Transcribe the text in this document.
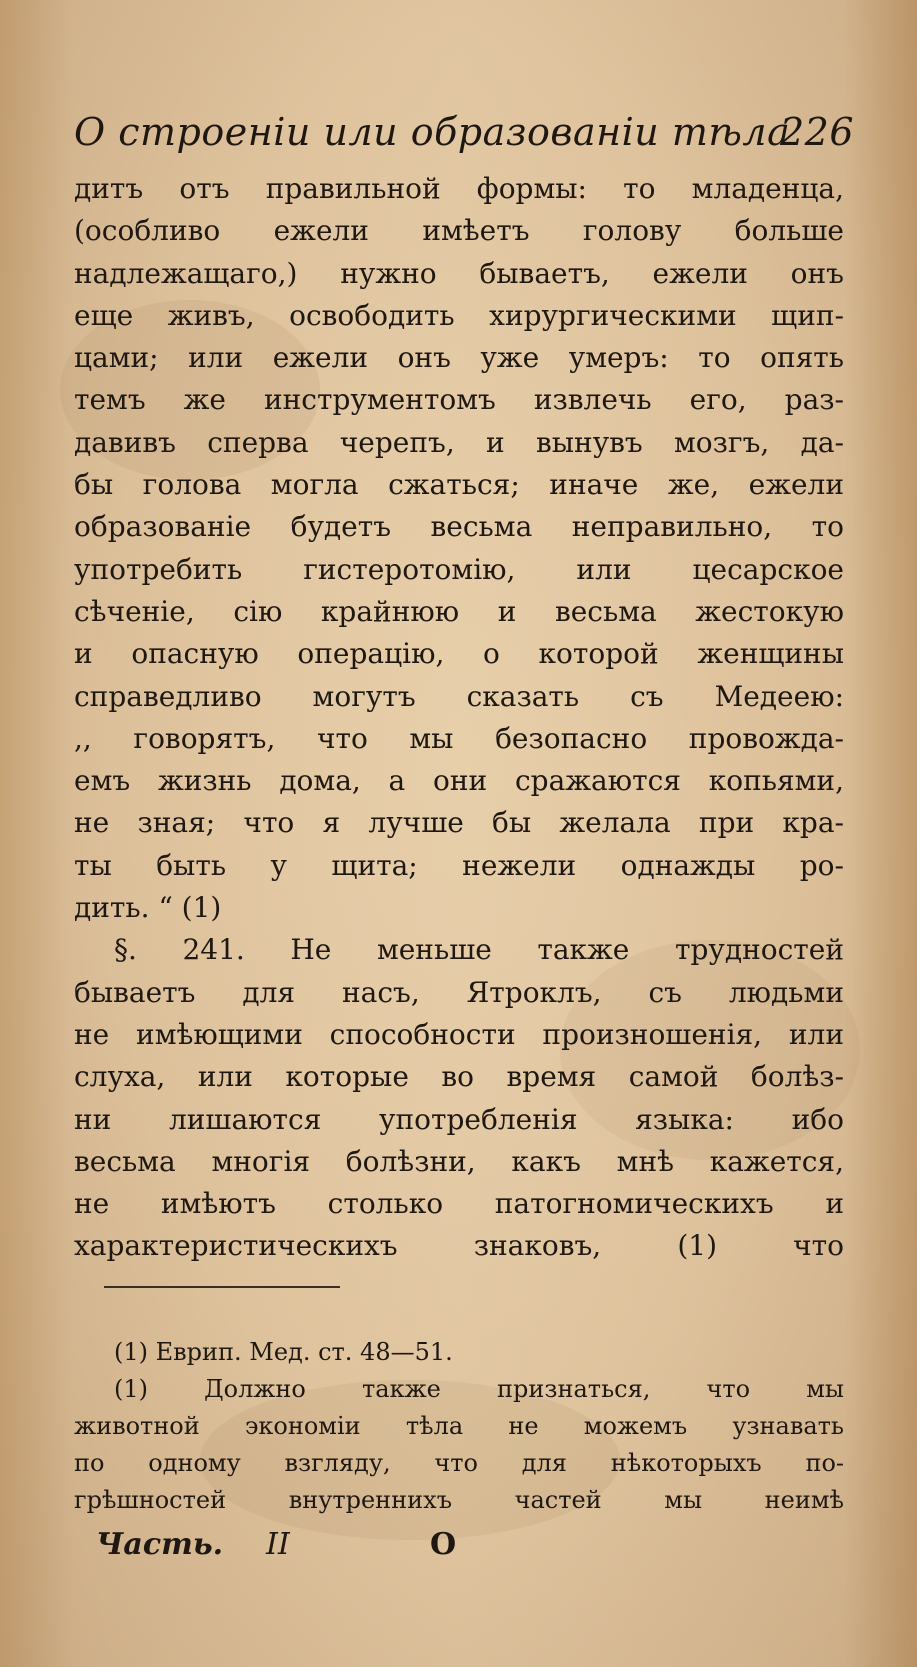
О строеніи или образованіи тѣла
226
дитъ отъ правильной формы: то младенца,
(особливо ежели имѣетъ голову больше
надлежащаго,) нужно бываетъ, ежели онъ
еще живъ, освободить хирургическими щип-
цами; или ежели онъ уже умеръ: то опять
темъ же инструментомъ извлечь его, раз-
давивъ сперва черепъ, и вынувъ мозгъ, да-
бы голова могла сжаться; иначе же, ежели
образованіе будетъ весьма неправильно, то
употребить гистеротомію, или цесарское
сѣченіе, сію крайнюю и весьма жестокую
и опасную операцію, о которой женщины
справедливо могутъ сказать съ Медеею:
,, говорятъ, что мы безопасно провожда-
емъ жизнь дома, а они сражаются копьями,
не зная; что я лучше бы желала при кра-
ты быть у щита; нежели однажды ро-
дить. “ (1)
§. 241. Не меньше также трудностей
бываетъ для насъ, Ятроклъ, съ людьми
не имѣющими способности произношенія, или
слуха, или которые во время самой болѣз-
ни лишаются употребленія языка: ибо
весьма многія болѣзни, какъ мнѣ кажется,
не имѣютъ столько патогномическихъ и
характеристическихъ знаковъ, (1) что
(1) Еврип. Мед. ст. 48—51.
(1) Должно также признаться, что мы
животной экономіи тѣла не можемъ узнавать
по одному взгляду, что для нѣкоторыхъ по-
грѣшностей внутреннихъ частей мы неимѣ
Часть. II	О
